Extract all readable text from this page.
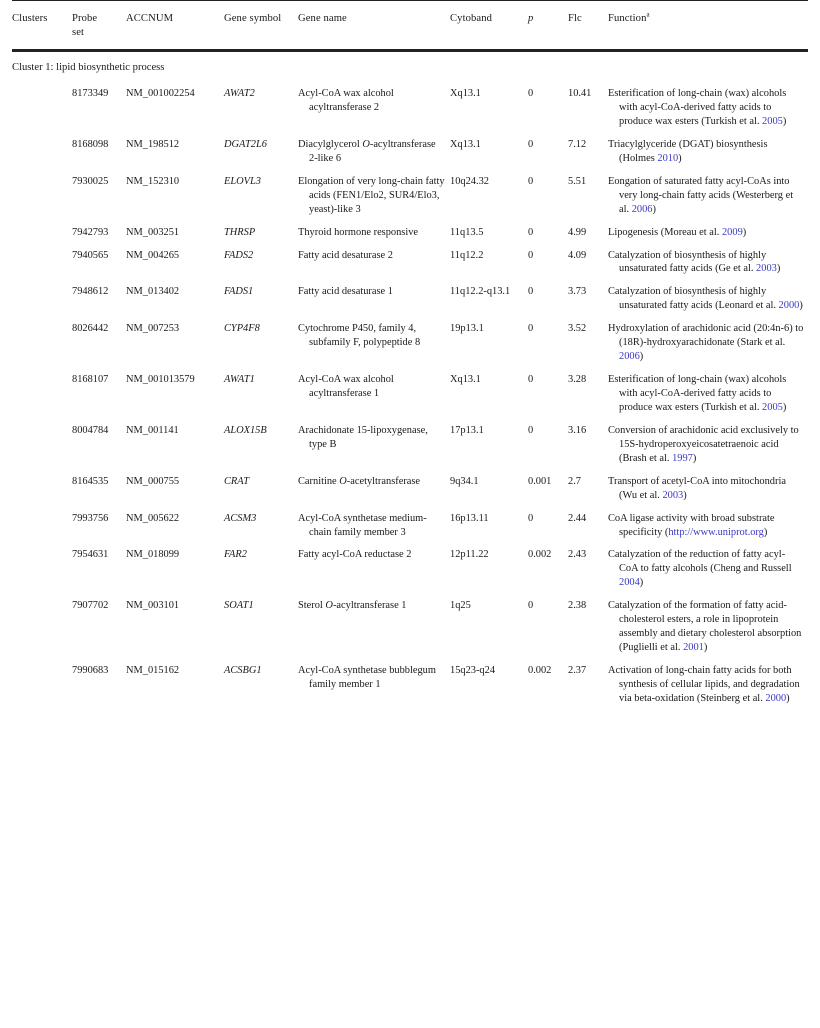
Clusters	Probe
set	ACCNUM	Gene symbol	Gene name	Cytoband	p	Flc	Function$^a$

Cluster 1: lipid biosynthetic process								
	8173349	NM_001002254	AWAT2	Acyl-CoA wax alcohol acyltransferase 2	Xq13.1	0	10.41	Esterification of long-chain (wax) alcohols with acyl-CoA-derived fatty acids to produce wax esters (Turkish et al. 2005)

	8168098	NM_198512	DGAT2L6	Diacylglycerol O-acyltransferase 2-like 6	Xq13.1	0	7.12	Triacylglyceride (DGAT) biosynthesis (Holmes 2010)

	7930025	NM_152310	ELOVL3	Elongation of very long-chain fatty acids (FEN1/Elo2, SUR4/Elo3, yeast)-like 3	10q24.32	0	5.51	Eongation of saturated fatty acyl-CoAs into very long-chain fatty acids (Westerberg et al. 2006)

	7942793	NM_003251	THRSP	Thyroid hormone responsive	11q13.5	0	4.99	Lipogenesis (Moreau et al. 2009)

	7940565	NM_004265	FADS2	Fatty acid desaturase 2	11q12.2	0	4.09	Catalyzation of biosynthesis of highly unsaturated fatty acids (Ge et al. 2003)

	7948612	NM_013402	FADS1	Fatty acid desaturase 1	11q12.2-q13.1	0	3.73	Catalyzation of biosynthesis of highly unsaturated fatty acids (Leonard et al. 2000)

	8026442	NM_007253	CYP4F8	Cytochrome P450, family 4, subfamily F, polypeptide 8	19p13.1	0	3.52	Hydroxylation of arachidonic acid (20:4n-6) to (18R)-hydroxyarachidonate (Stark et al. 2006)

	8168107	NM_001013579	AWAT1	Acyl-CoA wax alcohol acyltransferase 1	Xq13.1	0	3.28	Esterification of long-chain (wax) alcohols with acyl-CoA-derived fatty acids to produce wax esters (Turkish et al. 2005)

	8004784	NM_001141	ALOX15B	Arachidonate 15-lipoxygenase, type B	17p13.1	0	3.16	Conversion of arachidonic acid exclusively to 15S-hydroperoxyeicosatetraenoic acid (Brash et al. 1997)

	8164535	NM_000755	CRAT	Carnitine O-acetyltransferase	9q34.1	0.001	2.7	Transport of acetyl-CoA into mitochondria (Wu et al. 2003)

	7993756	NM_005622	ACSM3	Acyl-CoA synthetase medium-chain family member 3	16p13.11	0	2.44	CoA ligase activity with broad substrate specificity (http://www.uniprot.org)

	7954631	NM_018099	FAR2	Fatty acyl-CoA reductase 2	12p11.22	0.002	2.43	Catalyzation of the reduction of fatty acyl-CoA to fatty alcohols (Cheng and Russell 2004)

	7907702	NM_003101	SOAT1	Sterol O-acyltransferase 1	1q25	0	2.38	Catalyzation of the formation of fatty acid-cholesterol esters, a role in lipoprotein assembly and dietary cholesterol absorption (Puglielli et al. 2001)

	7990683	NM_015162	ACSBG1	Acyl-CoA synthetase bubblegum family member 1	15q23-q24	0.002	2.37	Activation of long-chain fatty acids for both synthesis of cellular lipids, and degradation via beta-oxidation (Steinberg et al. 2000)
